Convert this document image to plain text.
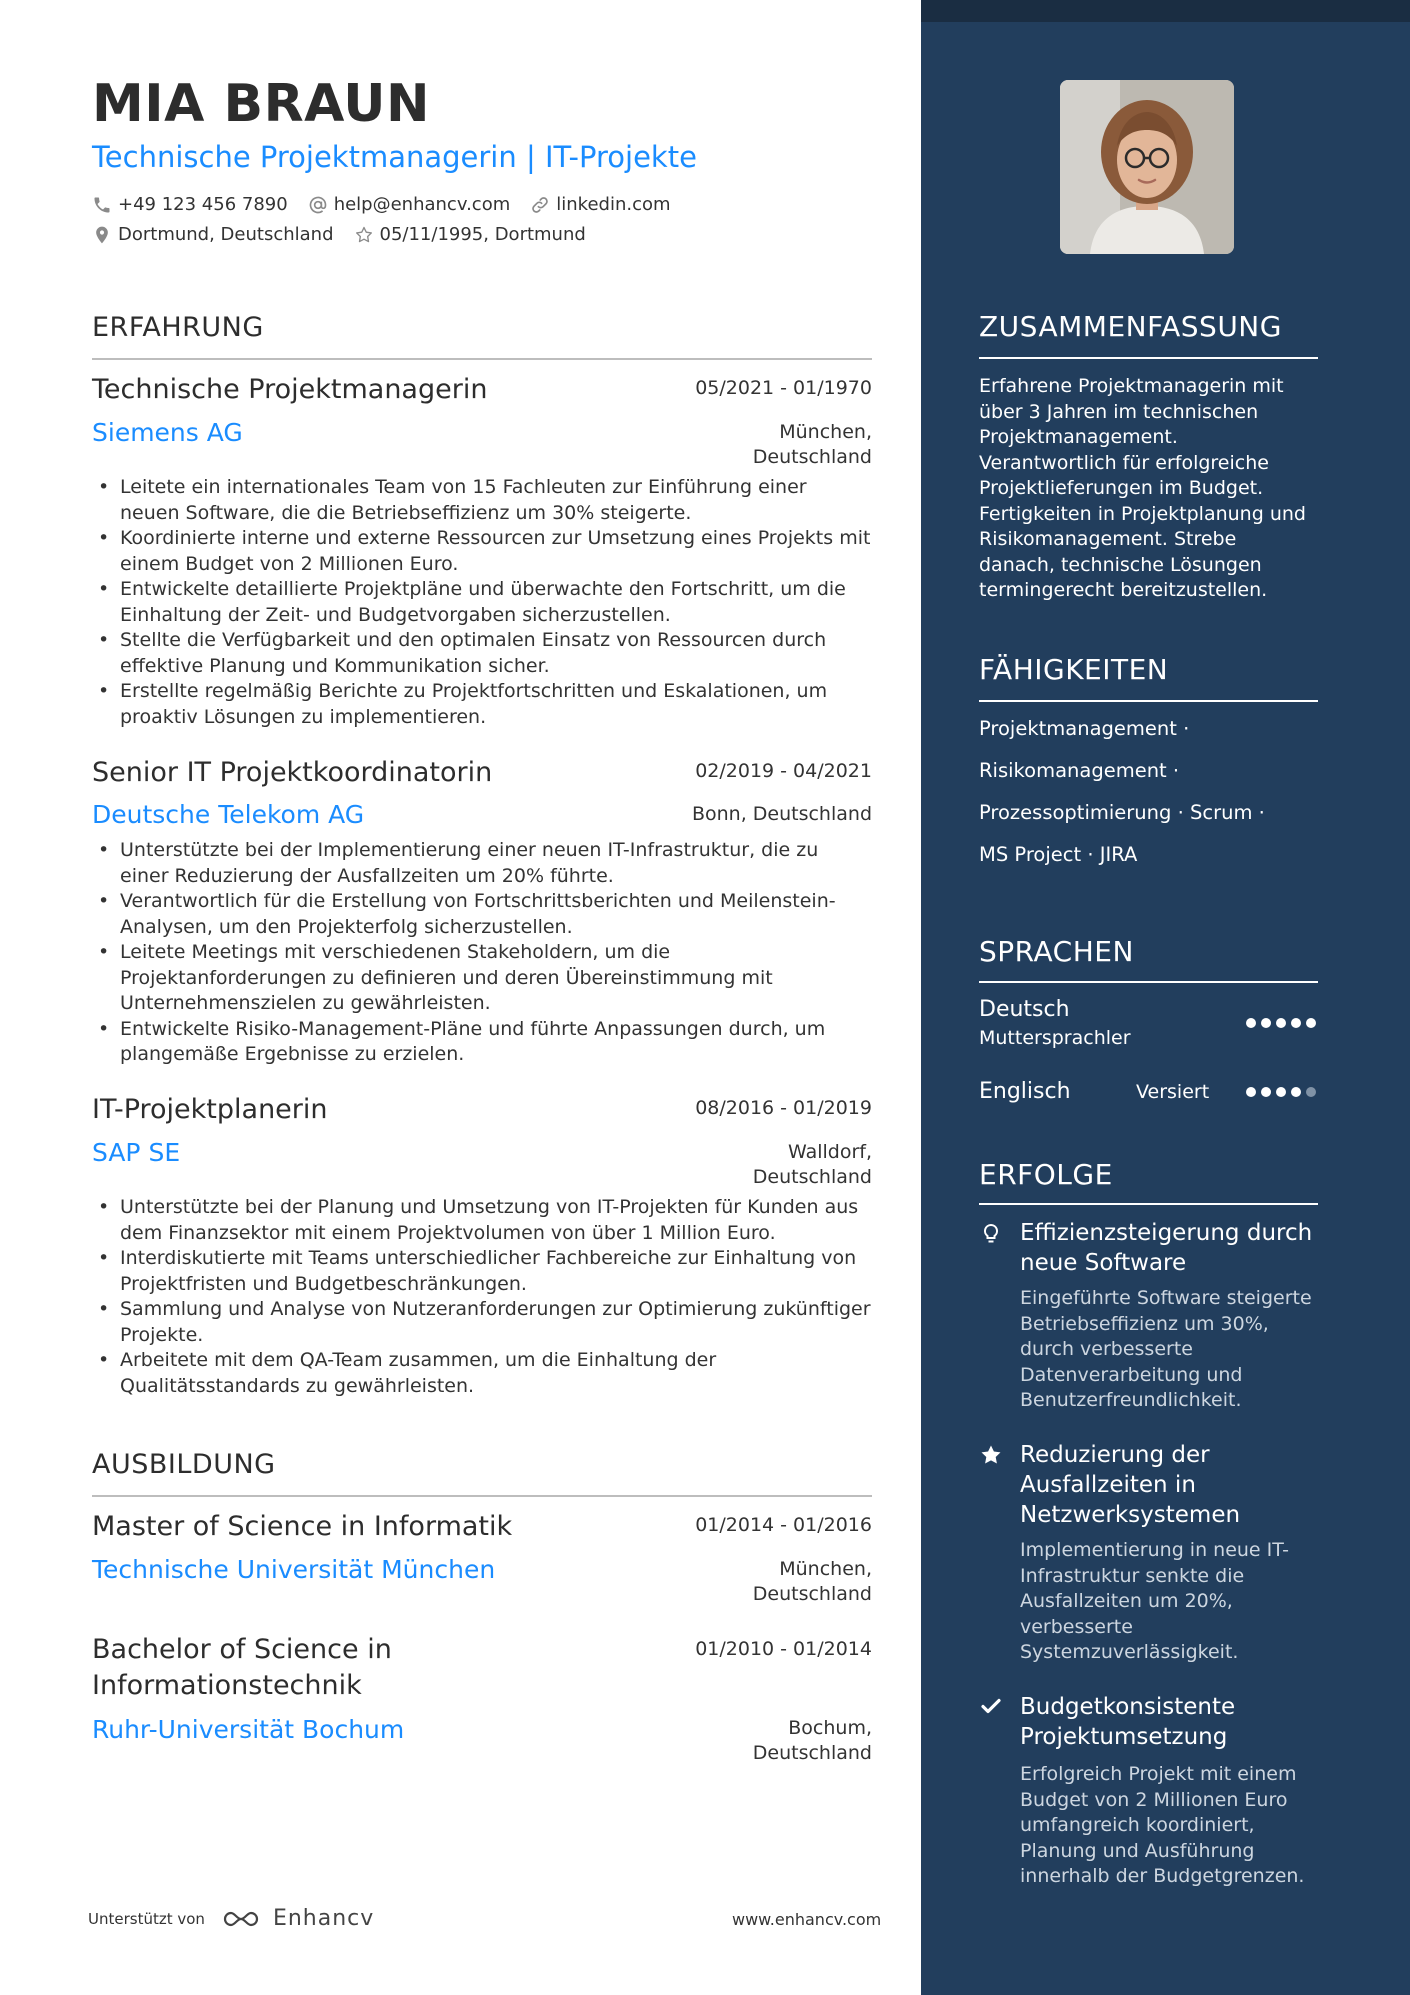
MIA BRAUN
Technische Projektmanagerin | IT-Projekte
+49 123 456 7890	help@enhancv.com	linkedin.com
Dortmund, Deutschland	05/11/1995, Dortmund
ERFAHRUNG
Technische Projektmanagerin	05/2021 - 01/1970
Siemens AG	München,
Deutschland
• Leitete ein internationales Team von 15 Fachleuten zur Einführung einer neuen Software, die die Betriebseffizienz um 30% steigerte.
• Koordinierte interne und externe Ressourcen zur Umsetzung eines Projekts mit einem Budget von 2 Millionen Euro.
• Entwickelte detaillierte Projektpläne und überwachte den Fortschritt, um die Einhaltung der Zeit- und Budgetvorgaben sicherzustellen.
• Stellte die Verfügbarkeit und den optimalen Einsatz von Ressourcen durch effektive Planung und Kommunikation sicher.
• Erstellte regelmäßig Berichte zu Projektfortschritten und Eskalationen, um proaktiv Lösungen zu implementieren.
Senior IT Projektkoordinatorin	02/2019 - 04/2021
Deutsche Telekom AG	Bonn, Deutschland
• Unterstützte bei der Implementierung einer neuen IT-Infrastruktur, die zu einer Reduzierung der Ausfallzeiten um 20% führte.
• Verantwortlich für die Erstellung von Fortschrittsberichten und Meilenstein-Analysen, um den Projekterfolg sicherzustellen.
• Leitete Meetings mit verschiedenen Stakeholdern, um die Projektanforderungen zu definieren und deren Übereinstimmung mit Unternehmenszielen zu gewährleisten.
• Entwickelte Risiko-Management-Pläne und führte Anpassungen durch, um plangemäße Ergebnisse zu erzielen.
IT-Projektplanerin	08/2016 - 01/2019
SAP SE	Walldorf,
Deutschland
• Unterstützte bei der Planung und Umsetzung von IT-Projekten für Kunden aus dem Finanzsektor mit einem Projektvolumen von über 1 Million Euro.
• Interdiskutierte mit Teams unterschiedlicher Fachbereiche zur Einhaltung von Projektfristen und Budgetbeschränkungen.
• Sammlung und Analyse von Nutzeranforderungen zur Optimierung zukünftiger Projekte.
• Arbeitete mit dem QA-Team zusammen, um die Einhaltung der Qualitätsstandards zu gewährleisten.
AUSBILDUNG
Master of Science in Informatik	01/2014 - 01/2016
Technische Universität München	München,
Deutschland
Bachelor of Science in
Informationstechnik
01/2010 - 01/2014
Ruhr-Universität Bochum	Bochum,
Deutschland
Unterstützt von	Enhancv	www.enhancv.com
ZUSAMMENFASSUNG
Erfahrene Projektmanagerin mit über 3 Jahren im technischen Projektmanagement. Verantwortlich für erfolgreiche Projektlieferungen im Budget. Fertigkeiten in Projektplanung und Risikomanagement. Strebe danach, technische Lösungen termingerecht bereitzustellen.
FÄHIGKEITEN
Projektmanagement ·
Risikomanagement ·
Prozessoptimierung · Scrum ·
MS Project · JIRA
SPRACHEN
Deutsch
Muttersprachler
Englisch	Versiert
ERFOLGE
Effizienzsteigerung durch neue Software
Eingeführte Software steigerte Betriebseffizienz um 30%, durch verbesserte Datenverarbeitung und Benutzerfreundlichkeit.
Reduzierung der Ausfallzeiten in Netzwerksystemen
Implementierung in neue IT-Infrastruktur senkte die Ausfallzeiten um 20%, verbesserte Systemzuverlässigkeit.
Budgetkonsistente Projektumsetzung
Erfolgreich Projekt mit einem Budget von 2 Millionen Euro umfangreich koordiniert, Planung und Ausführung innerhalb der Budgetgrenzen.
